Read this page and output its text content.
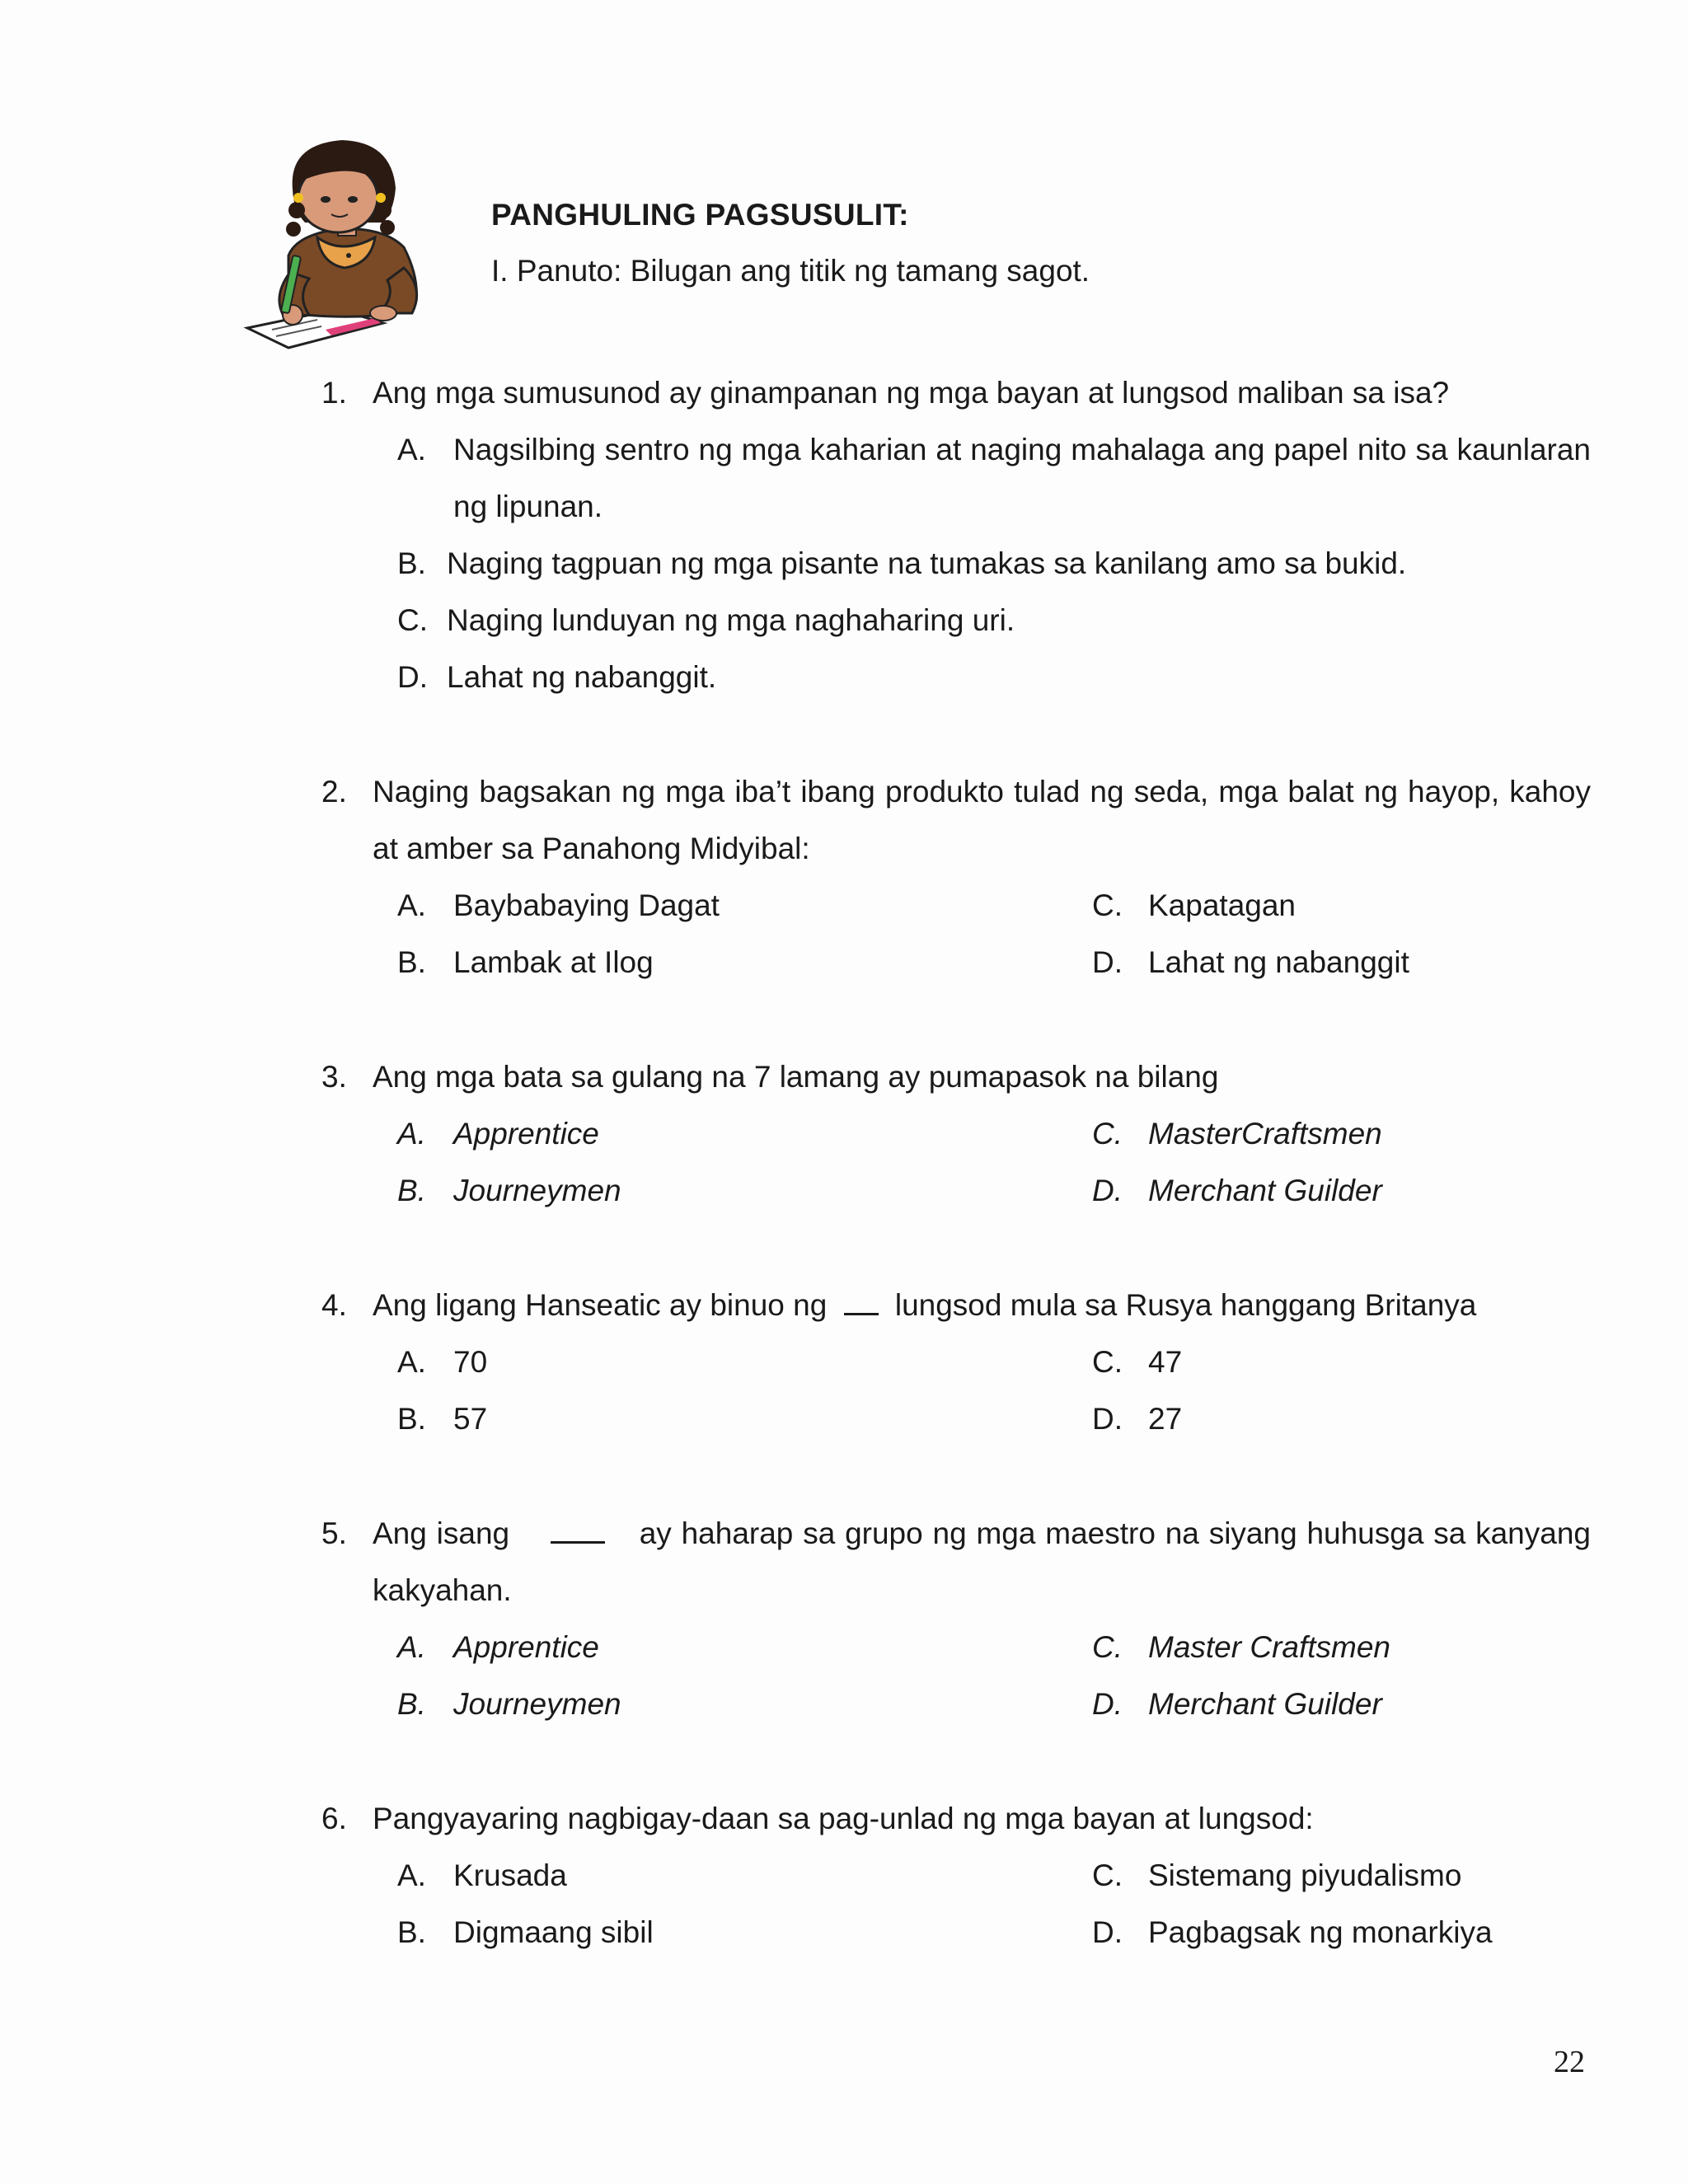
PANGHULING PAGSUSULIT:
I. Panuto: Bilugan ang titik ng tamang sagot.
1. Ang mga sumusunod ay ginampanan ng mga bayan at lungsod maliban sa isa?
A. Nagsilbing sentro ng mga kaharian at naging mahalaga ang papel nito sa kaunlaran ng lipunan.
B. Naging tagpuan ng mga pisante na tumakas sa kanilang amo sa bukid.
C. Naging lunduyan ng mga naghaharing uri.
D. Lahat ng nabanggit.
2. Naging bagsakan ng mga iba’t ibang produkto tulad ng seda, mga balat ng hayop, kahoy at amber sa Panahong Midyibal:
A. Baybabaying Dagat	C. Kapatagan
B. Lambak at Ilog	D. Lahat ng nabanggit
3. Ang mga bata sa gulang na 7 lamang ay pumapasok na bilang
A. Apprentice	C. MasterCraftsmen
B. Journeymen	D. Merchant Guilder
4. Ang ligang Hanseatic ay binuo ng lungsod mula sa Rusya hanggang Britanya
A. 70	C. 47
B. 57	D. 27
5. Ang isang	ay haharap sa grupo ng mga maestro na siyang huhusga sa kanyang kakyahan.
A. Apprentice	C. Master Craftsmen
B. Journeymen	D. Merchant Guilder
6. Pangyayaring nagbigay-daan sa pag-unlad ng mga bayan at lungsod:
A. Krusada	C. Sistemang piyudalismo
B. Digmaang sibil	D. Pagbagsak ng monarkiya
22
